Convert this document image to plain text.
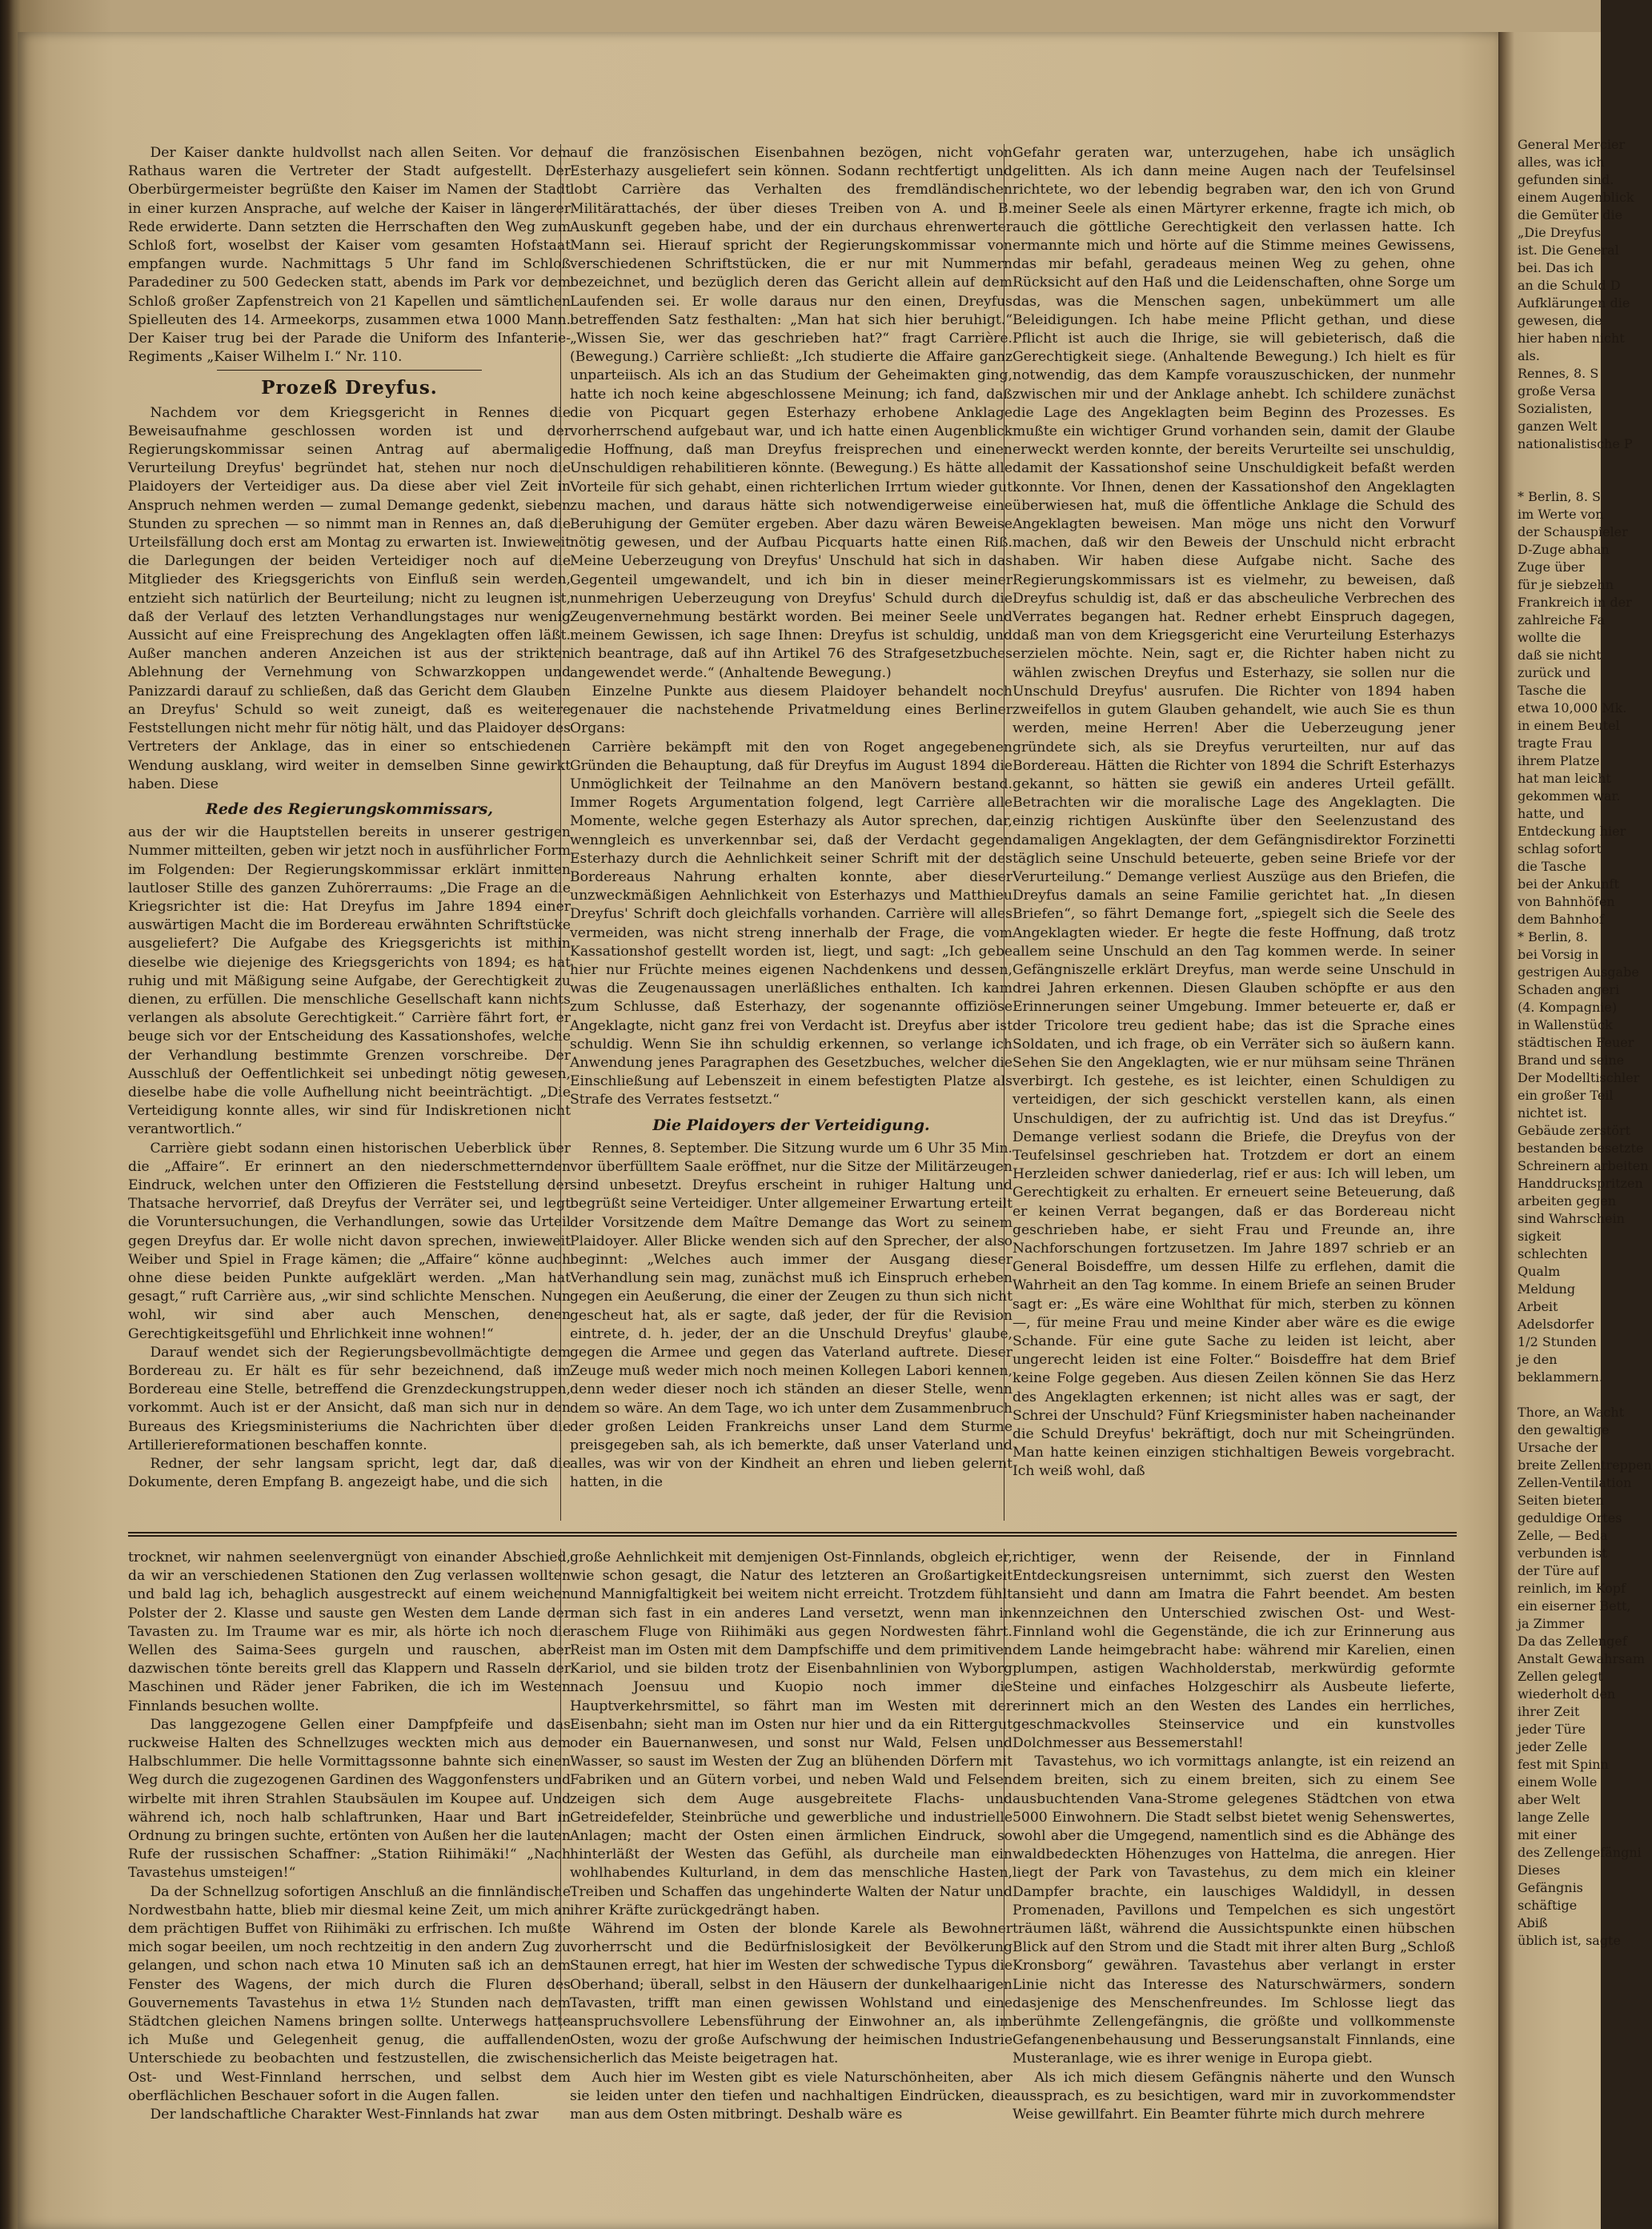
Der Kaiser dankte huldvollst nach allen Seiten. Vor dem Rathaus waren die Vertreter der Stadt aufgestellt. Der Oberbürgermeister begrüßte den Kaiser im Namen der Stadt in einer kurzen Ansprache, auf welche der Kaiser in längerer Rede erwiderte. Dann setzten die Herrschaften den Weg zum Schloß fort, woselbst der Kaiser vom gesamten Hofstaat empfangen wurde. Nachmittags 5 Uhr fand im Schloß Paradediner zu 500 Gedecken statt, abends im Park vor dem Schloß großer Zapfenstreich von 21 Kapellen und sämtlichen Spielleuten des 14. Armeekorps, zusammen etwa 1000 Mann. Der Kaiser trug bei der Parade die Uniform des Infanterie-Regiments „Kaiser Wilhelm I.“ Nr. 110.

Prozeß Dreyfus.

Nachdem vor dem Kriegsgericht in Rennes die Beweisaufnahme geschlossen worden ist und der Regierungskommissar seinen Antrag auf abermalige Verurteilung Dreyfus' begründet hat, stehen nur noch die Plaidoyers der Verteidiger aus. Da diese aber viel Zeit in Anspruch nehmen werden — zumal Demange gedenkt, sieben Stunden zu sprechen — so nimmt man in Rennes an, daß die Urteilsfällung doch erst am Montag zu erwarten ist. Inwieweit die Darlegungen der beiden Verteidiger noch auf die Mitglieder des Kriegsgerichts von Einfluß sein werden, entzieht sich natürlich der Beurteilung; nicht zu leugnen ist, daß der Verlauf des letzten Verhandlungstages nur wenig Aussicht auf eine Freisprechung des Angeklagten offen läßt. Außer manchen anderen Anzeichen ist aus der strikten Ablehnung der Vernehmung von Schwarzkoppen und Panizzardi darauf zu schließen, daß das Gericht dem Glauben an Dreyfus' Schuld so weit zuneigt, daß es weitere Feststellungen nicht mehr für nötig hält, und das Plaidoyer des Vertreters der Anklage, das in einer so entschiedenen Wendung ausklang, wird weiter in demselben Sinne gewirkt haben. Diese

Rede des Regierungskommissars,

aus der wir die Hauptstellen bereits in unserer gestrigen Nummer mitteilten, geben wir jetzt noch in ausführlicher Form im Folgenden: Der Regierungskommissar erklärt inmitten lautloser Stille des ganzen Zuhörerraums: „Die Frage an die Kriegsrichter ist die: Hat Dreyfus im Jahre 1894 einer auswärtigen Macht die im Bordereau erwähnten Schriftstücke ausgeliefert? Die Aufgabe des Kriegsgerichts ist mithin dieselbe wie diejenige des Kriegsgerichts von 1894; es hat ruhig und mit Mäßigung seine Aufgabe, der Gerechtigkeit zu dienen, zu erfüllen. Die menschliche Gesellschaft kann nichts verlangen als absolute Gerechtigkeit.“ Carrière fährt fort, er beuge sich vor der Entscheidung des Kassationshofes, welche der Verhandlung bestimmte Grenzen vorschreibe. Der Ausschluß der Oeffentlichkeit sei unbedingt nötig gewesen, dieselbe habe die volle Aufhellung nicht beeinträchtigt. „Die Verteidigung konnte alles, wir sind für Indiskretionen nicht verantwortlich.“

Carrière giebt sodann einen historischen Ueberblick über die „Affaire“. Er erinnert an den niederschmetternden Eindruck, welchen unter den Offizieren die Feststellung der Thatsache hervorrief, daß Dreyfus der Verräter sei, und legt die Voruntersuchungen, die Verhandlungen, sowie das Urteil gegen Dreyfus dar. Er wolle nicht davon sprechen, inwieweit Weiber und Spiel in Frage kämen; die „Affaire“ könne auch ohne diese beiden Punkte aufgeklärt werden. „Man hat gesagt,“ ruft Carrière aus, „wir sind schlichte Menschen. Nun wohl, wir sind aber auch Menschen, denen Gerechtigkeitsgefühl und Ehrlichkeit inne wohnen!“

Darauf wendet sich der Regierungsbevollmächtigte dem Bordereau zu. Er hält es für sehr bezeichnend, daß im Bordereau eine Stelle, betreffend die Grenzdeckungstruppen, vorkommt. Auch ist er der Ansicht, daß man sich nur in den Bureaus des Kriegsministeriums die Nachrichten über die Artilleriereformationen beschaffen konnte.

Redner, der sehr langsam spricht, legt dar, daß die Dokumente, deren Empfang B. angezeigt habe, und die sich

auf die französischen Eisenbahnen bezögen, nicht von Esterhazy ausgeliefert sein können. Sodann rechtfertigt und lobt Carrière das Verhalten des fremdländischen Militärattachés, der über dieses Treiben von A. und B. Auskunft gegeben habe, und der ein durchaus ehrenwerter Mann sei. Hierauf spricht der Regierungskommissar von verschiedenen Schriftstücken, die er nur mit Nummern bezeichnet, und bezüglich deren das Gericht allein auf dem Laufenden sei. Er wolle daraus nur den einen, Dreyfus betreffenden Satz festhalten: „Man hat sich hier beruhigt.“ „Wissen Sie, wer das geschrieben hat?“ fragt Carrière. (Bewegung.) Carrière schließt: „Ich studierte die Affaire ganz unparteiisch. Als ich an das Studium der Geheimakten ging, hatte ich noch keine abgeschlossene Meinung; ich fand, daß die von Picquart gegen Esterhazy erhobene Anklage vorherrschend aufgebaut war, und ich hatte einen Augenblick die Hoffnung, daß man Dreyfus freisprechen und einen Unschuldigen rehabilitieren könnte. (Bewegung.) Es hätte alle Vorteile für sich gehabt, einen richterlichen Irrtum wieder gut zu machen, und daraus hätte sich notwendigerweise eine Beruhigung der Gemüter ergeben. Aber dazu wären Beweise nötig gewesen, und der Aufbau Picquarts hatte einen Riß. Meine Ueberzeugung von Dreyfus' Unschuld hat sich in das Gegenteil umgewandelt, und ich bin in dieser meiner nunmehrigen Ueberzeugung von Dreyfus' Schuld durch die Zeugenvernehmung bestärkt worden. Bei meiner Seele und meinem Gewissen, ich sage Ihnen: Dreyfus ist schuldig, und ich beantrage, daß auf ihn Artikel 76 des Strafgesetzbuches angewendet werde.“ (Anhaltende Bewegung.)

Einzelne Punkte aus diesem Plaidoyer behandelt noch genauer die nachstehende Privatmeldung eines Berliner Organs:

Carrière bekämpft mit den von Roget angegebenen Gründen die Behauptung, daß für Dreyfus im August 1894 die Unmöglichkeit der Teilnahme an den Manövern bestand. Immer Rogets Argumentation folgend, legt Carrière alle Momente, welche gegen Esterhazy als Autor sprechen, dar, wenngleich es unverkennbar sei, daß der Verdacht gegen Esterhazy durch die Aehnlichkeit seiner Schrift mit der des Bordereaus Nahrung erhalten konnte, aber dieser unzweckmäßigen Aehnlichkeit von Esterhazys und Matthieu Dreyfus' Schrift doch gleichfalls vorhanden. Carrière will alles vermeiden, was nicht streng innerhalb der Frage, die vom Kassationshof gestellt worden ist, liegt, und sagt: „Ich gebe hier nur Früchte meines eigenen Nachdenkens und dessen, was die Zeugenaussagen unerläßliches enthalten. Ich kam zum Schlusse, daß Esterhazy, der sogenannte offiziöse Angeklagte, nicht ganz frei von Verdacht ist. Dreyfus aber ist schuldig. Wenn Sie ihn schuldig erkennen, so verlange ich Anwendung jenes Paragraphen des Gesetzbuches, welcher die Einschließung auf Lebenszeit in einem befestigten Platze als Strafe des Verrates festsetzt.“

Die Plaidoyers der Verteidigung.

Rennes, 8. September. Die Sitzung wurde um 6 Uhr 35 Min. vor überfülltem Saale eröffnet, nur die Sitze der Militärzeugen sind unbesetzt. Dreyfus erscheint in ruhiger Haltung und begrüßt seine Verteidiger. Unter allgemeiner Erwartung erteilt der Vorsitzende dem Maître Demange das Wort zu seinem Plaidoyer. Aller Blicke wenden sich auf den Sprecher, der also beginnt: „Welches auch immer der Ausgang dieser Verhandlung sein mag, zunächst muß ich Einspruch erheben gegen ein Aeußerung, die einer der Zeugen zu thun sich nicht gescheut hat, als er sagte, daß jeder, der für die Revision eintrete, d. h. jeder, der an die Unschuld Dreyfus' glaube, gegen die Armee und gegen das Vaterland auftrete. Dieser Zeuge muß weder mich noch meinen Kollegen Labori kennen, denn weder dieser noch ich ständen an dieser Stelle, wenn dem so wäre. An dem Tage, wo ich unter dem Zusammenbruch der großen Leiden Frankreichs unser Land dem Sturme preisgegeben sah, als ich bemerkte, daß unser Vaterland und alles, was wir von der Kindheit an ehren und lieben gelernt hatten, in die

Gefahr geraten war, unterzugehen, habe ich unsäglich gelitten. Als ich dann meine Augen nach der Teufelsinsel richtete, wo der lebendig begraben war, den ich von Grund meiner Seele als einen Märtyrer erkenne, fragte ich mich, ob auch die göttliche Gerechtigkeit den verlassen hatte. Ich ermannte mich und hörte auf die Stimme meines Gewissens, das mir befahl, geradeaus meinen Weg zu gehen, ohne Rücksicht auf den Haß und die Leidenschaften, ohne Sorge um das, was die Menschen sagen, unbekümmert um alle Beleidigungen. Ich habe meine Pflicht gethan, und diese Pflicht ist auch die Ihrige, sie will gebieterisch, daß die Gerechtigkeit siege. (Anhaltende Bewegung.) Ich hielt es für notwendig, das dem Kampfe vorauszuschicken, der nunmehr zwischen mir und der Anklage anhebt. Ich schildere zunächst die Lage des Angeklagten beim Beginn des Prozesses. Es mußte ein wichtiger Grund vorhanden sein, damit der Glaube erweckt werden konnte, der bereits Verurteilte sei unschuldig, damit der Kassationshof seine Unschuldigkeit befaßt werden konnte. Vor Ihnen, denen der Kassationshof den Angeklagten überwiesen hat, muß die öffentliche Anklage die Schuld des Angeklagten beweisen. Man möge uns nicht den Vorwurf machen, daß wir den Beweis der Unschuld nicht erbracht haben. Wir haben diese Aufgabe nicht. Sache des Regierungskommissars ist es vielmehr, zu beweisen, daß Dreyfus schuldig ist, daß er das abscheuliche Verbrechen des Verrates begangen hat. Redner erhebt Einspruch dagegen, daß man von dem Kriegsgericht eine Verurteilung Esterhazys erzielen möchte. Nein, sagt er, die Richter haben nicht zu wählen zwischen Dreyfus und Esterhazy, sie sollen nur die Unschuld Dreyfus' ausrufen. Die Richter von 1894 haben zweifellos in gutem Glauben gehandelt, wie auch Sie es thun werden, meine Herren! Aber die Ueberzeugung jener gründete sich, als sie Dreyfus verurteilten, nur auf das Bordereau. Hätten die Richter von 1894 die Schrift Esterhazys gekannt, so hätten sie gewiß ein anderes Urteil gefällt. Betrachten wir die moralische Lage des Angeklagten. Die einzig richtigen Auskünfte über den Seelenzustand des damaligen Angeklagten, der dem Gefängnisdirektor Forzinetti täglich seine Unschuld beteuerte, geben seine Briefe vor der Verurteilung.“ Demange verliest Auszüge aus den Briefen, die Dreyfus damals an seine Familie gerichtet hat. „In diesen Briefen“, so fährt Demange fort, „spiegelt sich die Seele des Angeklagten wieder. Er hegte die feste Hoffnung, daß trotz allem seine Unschuld an den Tag kommen werde. In seiner Gefängniszelle erklärt Dreyfus, man werde seine Unschuld in drei Jahren erkennen. Diesen Glauben schöpfte er aus den Erinnerungen seiner Umgebung. Immer beteuerte er, daß er der Tricolore treu gedient habe; das ist die Sprache eines Soldaten, und ich frage, ob ein Verräter sich so äußern kann. Sehen Sie den Angeklagten, wie er nur mühsam seine Thränen verbirgt. Ich gestehe, es ist leichter, einen Schuldigen zu verteidigen, der sich geschickt verstellen kann, als einen Unschuldigen, der zu aufrichtig ist. Und das ist Dreyfus.“ Demange verliest sodann die Briefe, die Dreyfus von der Teufelsinsel geschrieben hat. Trotzdem er dort an einem Herzleiden schwer daniederlag, rief er aus: Ich will leben, um Gerechtigkeit zu erhalten. Er erneuert seine Beteuerung, daß er keinen Verrat begangen, daß er das Bordereau nicht geschrieben habe, er sieht Frau und Freunde an, ihre Nachforschungen fortzusetzen. Im Jahre 1897 schrieb er an General Boisdeffre, um dessen Hilfe zu erflehen, damit die Wahrheit an den Tag komme. In einem Briefe an seinen Bruder sagt er: „Es wäre eine Wohlthat für mich, sterben zu können —, für meine Frau und meine Kinder aber wäre es die ewige Schande. Für eine gute Sache zu leiden ist leicht, aber ungerecht leiden ist eine Folter.“ Boisdeffre hat dem Brief keine Folge gegeben. Aus diesen Zeilen können Sie das Herz des Angeklagten erkennen; ist nicht alles was er sagt, der Schrei der Unschuld? Fünf Kriegsminister haben nacheinander die Schuld Dreyfus' bekräftigt, doch nur mit Scheingründen. Man hatte keinen einzigen stichhaltigen Beweis vorgebracht. Ich weiß wohl, daß

trocknet, wir nahmen seelenvergnügt von einander Abschied, da wir an verschiedenen Stationen den Zug verlassen wollten und bald lag ich, behaglich ausgestreckt auf einem weichen Polster der 2. Klasse und sauste gen Westen dem Lande der Tavasten zu. Im Traume war es mir, als hörte ich noch die Wellen des Saima-Sees gurgeln und rauschen, aber dazwischen tönte bereits grell das Klappern und Rasseln der Maschinen und Räder jener Fabriken, die ich im Westen Finnlands besuchen wollte.

Das langgezogene Gellen einer Dampfpfeife und das ruckweise Halten des Schnellzuges weckten mich aus dem Halbschlummer. Die helle Vormittagssonne bahnte sich einen Weg durch die zugezogenen Gardinen des Waggonfensters und wirbelte mit ihren Strahlen Staubsäulen im Koupee auf. Und während ich, noch halb schlaftrunken, Haar und Bart in Ordnung zu bringen suchte, ertönten von Außen her die lauten Rufe der russischen Schaffner: „Station Riihimäki!“ „Nach Tavastehus umsteigen!“

Da der Schnellzug sofortigen Anschluß an die finnländische Nordwestbahn hatte, blieb mir diesmal keine Zeit, um mich an dem prächtigen Buffet von Riihimäki zu erfrischen. Ich mußte mich sogar beeilen, um noch rechtzeitig in den andern Zug zu gelangen, und schon nach etwa 10 Minuten saß ich an dem Fenster des Wagens, der mich durch die Fluren des Gouvernements Tavastehus in etwa 1½ Stunden nach dem Städtchen gleichen Namens bringen sollte. Unterwegs hatte ich Muße und Gelegenheit genug, die auffallenden Unterschiede zu beobachten und festzustellen, die zwischen Ost- und West-Finnland herrschen, und selbst dem oberflächlichen Beschauer sofort in die Augen fallen.

Der landschaftliche Charakter West-Finnlands hat zwar

große Aehnlichkeit mit demjenigen Ost-Finnlands, obgleich er, wie schon gesagt, die Natur des letzteren an Großartigkeit und Mannigfaltigkeit bei weitem nicht erreicht. Trotzdem fühlt man sich fast in ein anderes Land versetzt, wenn man in raschem Fluge von Riihimäki aus gegen Nordwesten fährt. Reist man im Osten mit dem Dampfschiffe und dem primitiven Kariol, und sie bilden trotz der Eisenbahnlinien von Wyborg nach Joensuu und Kuopio noch immer die Hauptverkehrsmittel, so fährt man im Westen mit der Eisenbahn; sieht man im Osten nur hier und da ein Rittergut oder ein Bauernanwesen, und sonst nur Wald, Felsen und Wasser, so saust im Westen der Zug an blühenden Dörfern mit Fabriken und an Gütern vorbei, und neben Wald und Felsen zeigen sich dem Auge ausgebreitete Flachs- und Getreidefelder, Steinbrüche und gewerbliche und industrielle Anlagen; macht der Osten einen ärmlichen Eindruck, so hinterläßt der Westen das Gefühl, als durcheile man ein wohlhabendes Kulturland, in dem das menschliche Hasten, Treiben und Schaffen das ungehinderte Walten der Natur und ihrer Kräfte zurückgedrängt haben.

Während im Osten der blonde Karele als Bewohner vorherrscht und die Bedürfnislosigkeit der Bevölkerung Staunen erregt, hat hier im Westen der schwedische Typus die Oberhand; überall, selbst in den Häusern der dunkelhaarigen Tavasten, trifft man einen gewissen Wohlstand und eine anspruchsvollere Lebensführung der Einwohner an, als im Osten, wozu der große Aufschwung der heimischen Industrie sicherlich das Meiste beigetragen hat.

Auch hier im Westen gibt es viele Naturschönheiten, aber sie leiden unter den tiefen und nachhaltigen Eindrücken, die man aus dem Osten mitbringt. Deshalb wäre es

richtiger, wenn der Reisende, der in Finnland Entdeckungsreisen unternimmt, sich zuerst den Westen ansieht und dann am Imatra die Fahrt beendet. Am besten kennzeichnen den Unterschied zwischen Ost- und West-Finnland wohl die Gegenstände, die ich zur Erinnerung aus dem Lande heimgebracht habe: während mir Karelien, einen plumpen, astigen Wachholderstab, merkwürdig geformte Steine und einfaches Holzgeschirr als Ausbeute lieferte, erinnert mich an den Westen des Landes ein herrliches, geschmackvolles Steinservice und ein kunstvolles Dolchmesser aus Bessemerstahl!

Tavastehus, wo ich vormittags anlangte, ist ein reizend an dem breiten, sich zu einem breiten, sich zu einem See ausbuchtenden Vana-Strome gelegenes Städtchen von etwa 5000 Einwohnern. Die Stadt selbst bietet wenig Sehenswertes, wohl aber die Umgegend, namentlich sind es die Abhänge des waldbedeckten Höhenzuges von Hattelma, die anregen. Hier liegt der Park von Tavastehus, zu dem mich ein kleiner Dampfer brachte, ein lauschiges Waldidyll, in dessen Promenaden, Pavillons und Tempelchen es sich ungestört träumen läßt, während die Aussichtspunkte einen hübschen Blick auf den Strom und die Stadt mit ihrer alten Burg „Schloß Kronsborg“ gewähren. Tavastehus aber verlangt in erster Linie nicht das Interesse des Naturschwärmers, sondern dasjenige des Menschenfreundes. Im Schlosse liegt das berühmte Zellengefängnis, die größte und vollkommenste Gefangenenbehausung und Besserungsanstalt Finnlands, eine Musteranlage, wie es ihrer wenige in Europa giebt.

Als ich mich diesem Gefängnis näherte und den Wunsch aussprach, es zu besichtigen, ward mir in zuvorkommendster Weise gewillfahrt. Ein Beamter führte mich durch mehrere

General Mercier
alles, was ich
gefunden sind.
einem Augenblick
die Gemüter die
„Die Dreyfus
ist. Die General
bei. Das ich
an die Schuld D
Aufklärungen die
gewesen, die
hier haben nicht
als.
Rennes, 8. S
große Versa
Sozialisten,
ganzen Welt
nationalistische P
* Berlin, 8. S
im Werte von
der Schauspieler
D-Zuge abhan
Zuge über
für je siebzehn
Frankreich in der
zahlreiche Fa
wollte die
daß sie nicht
zurück und
Tasche die
etwa 10,000 Mk.
in einem Beutel
tragte Frau
ihrem Platze
hat man leicht
gekommen war.
hatte, und
Entdeckung hier
schlag sofort
die Tasche
bei der Ankunft
von Bahnhöfen
dem Bahnhof
* Berlin, 8.
bei Vorsig in
gestrigen Ausgabe
Schaden angeri
(4. Kompagnie)
in Wallenstück
städtischen Feuer
Brand und seine
Der Modelltischler
ein großer Teil
nichtet ist.
Gebäude zerstört
bestanden besetzte
Schreinern arbeiten
Handdruckspritzen
arbeiten gegen
sind Wahrschein
sigkeit
schlechten
Qualm
Meldung
Arbeit
Adelsdorfer
1/2 Stunden
je den
beklammern.
Thore, an Wacht
den gewaltige
Ursache der
breite Zellentreppen
Zellen-Ventilation
Seiten bieten
geduldige Ortes
Zelle, — Beda
verbunden ist
der Türe auf
reinlich, im Kopf
ein eiserner Bett,
ja Zimmer
Da das Zellengef
Anstalt Gewahrsam
Zellen gelegt
wiederholt den
ihrer Zeit
jeder Türe
jeder Zelle
fest mit Spinn
einem Wolle
aber Welt
lange Zelle
mit einer
des Zellengefängni
Dieses
Gefängnis
schäftige
Abiß
üblich ist, sagte
